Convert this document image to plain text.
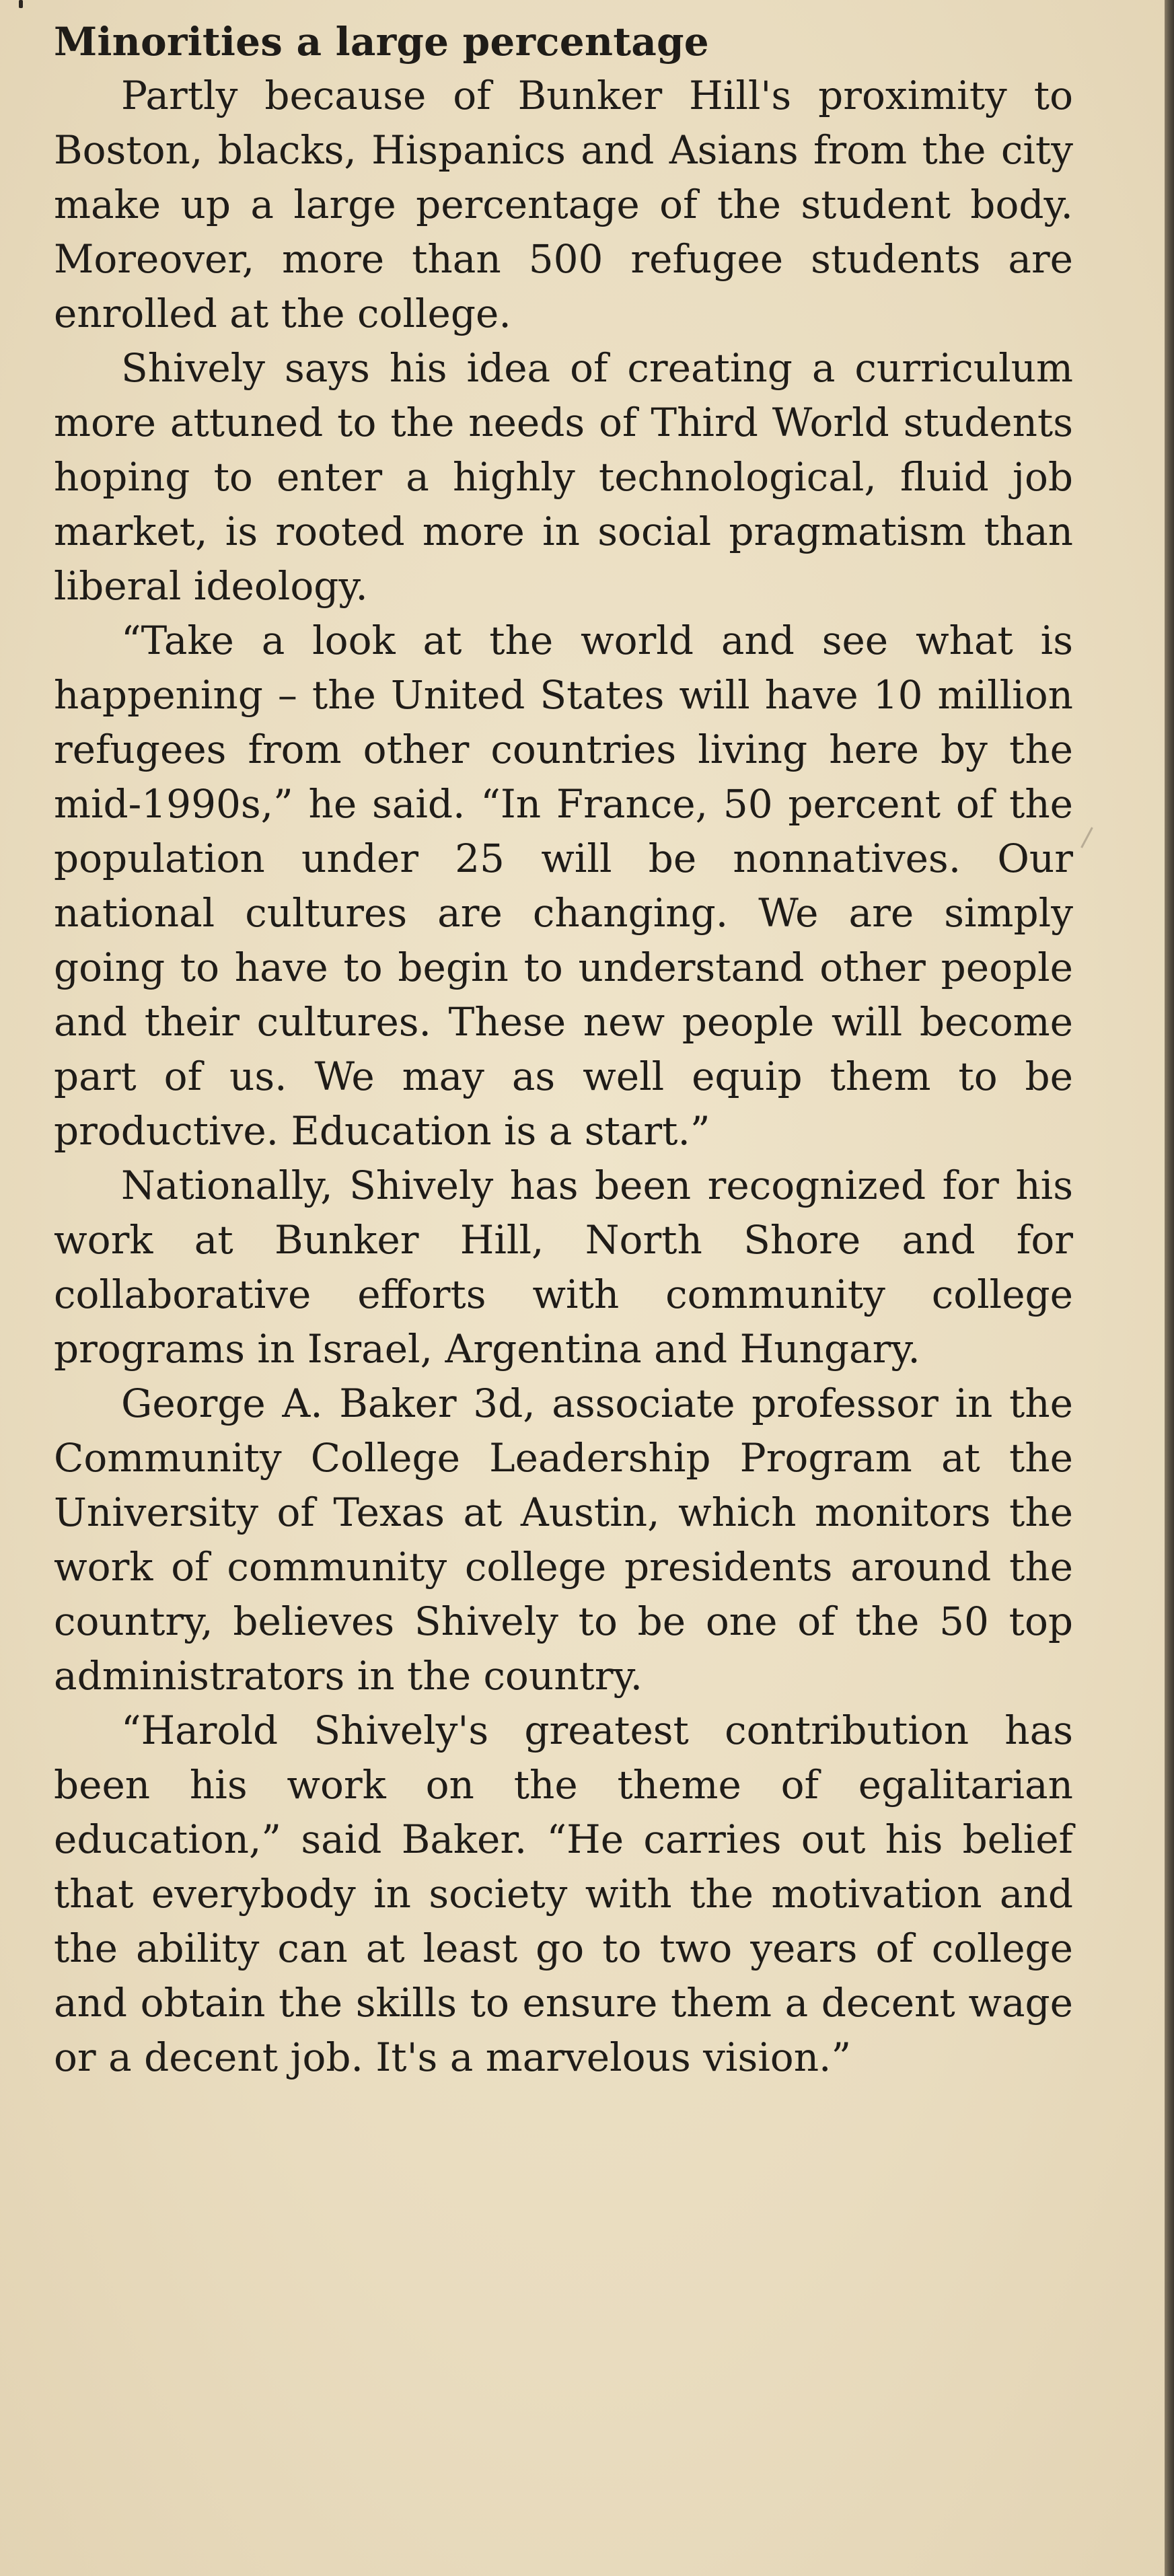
Minorities a large percentage

Partly because of Bunker Hill's proximity to Boston, blacks, Hispanics and Asians from the city make up a large percentage of the student body. Moreover, more than 500 refugee students are enrolled at the college.

Shively says his idea of creating a curriculum more attuned to the needs of Third World students hoping to enter a highly technological, fluid job market, is rooted more in social pragmatism than liberal ideology.

“Take a look at the world and see what is happening – the United States will have 10 million refugees from other countries living here by the mid-1990s,” he said. “In France, 50 percent of the population under 25 will be nonnatives. Our national cultures are changing. We are simply going to have to begin to understand other people and their cultures. These new people will become part of us. We may as well equip them to be productive. Education is a start.”

Nationally, Shively has been recognized for his work at Bunker Hill, North Shore and for collaborative efforts with community college programs in Israel, Argentina and Hungary.

George A. Baker 3d, associate professor in the Community College Leadership Program at the University of Texas at Austin, which monitors the work of community college presidents around the country, believes Shively to be one of the 50 top administrators in the country.

“Harold Shively's greatest contribution has been his work on the theme of egalitarian education,” said Baker. “He carries out his belief that everybody in society with the motivation and the ability can at least go to two years of college and obtain the skills to ensure them a decent wage or a decent job. It's a marvelous vision.”
